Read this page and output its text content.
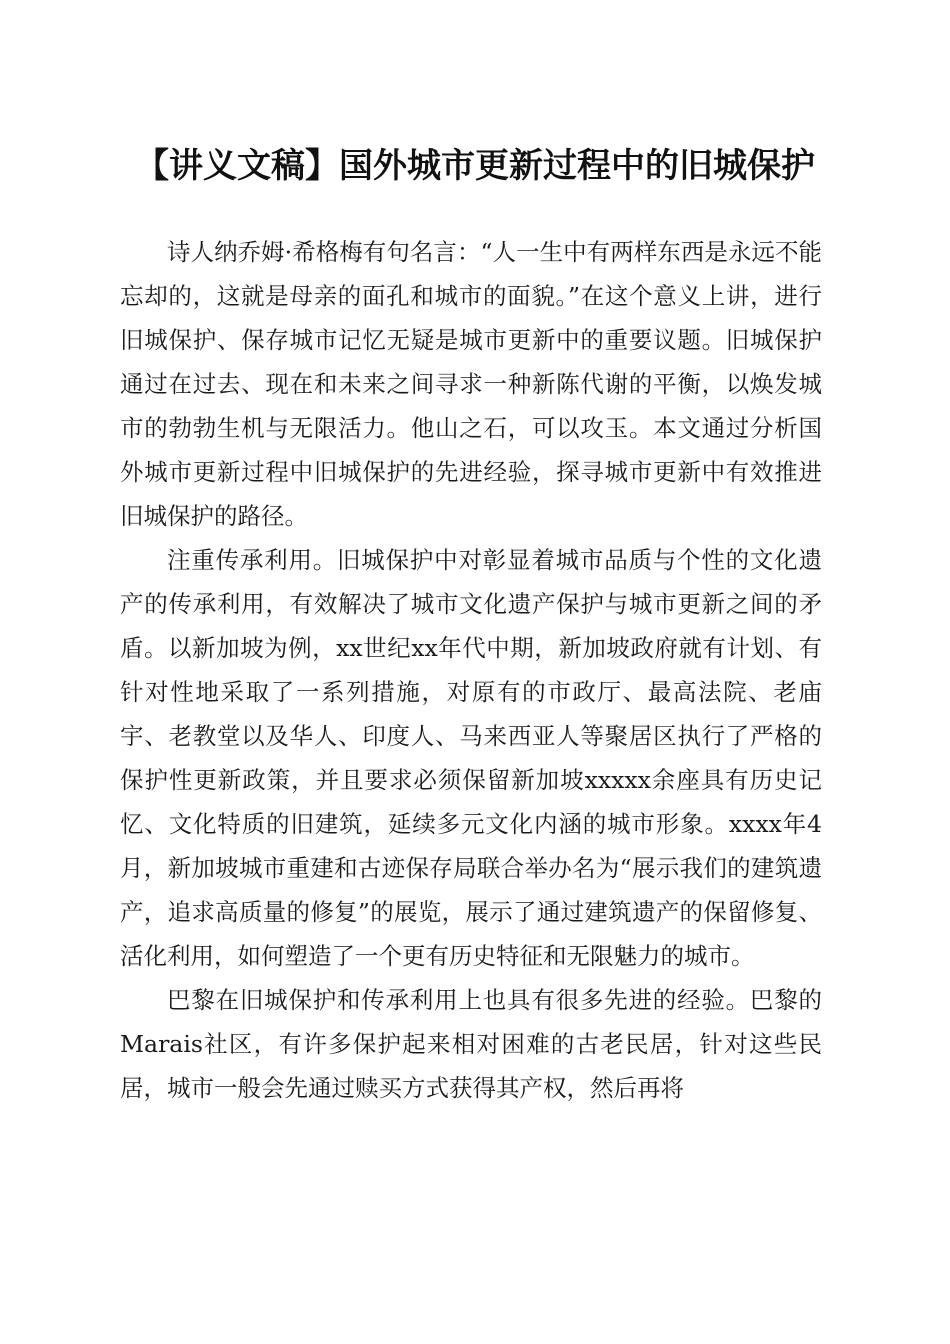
【讲义文稿】国外城市更新过程中的旧城保护

诗人纳乔姆·希格梅有句名言：“人一生中有两样东西是永远不能忘却的，这就是母亲的面孔和城市的面貌。”在这个意义上讲，进行旧城保护、保存城市记忆无疑是城市更新中的重要议题。旧城保护通过在过去、现在和未来之间寻求一种新陈代谢的平衡，以焕发城市的勃勃生机与无限活力。他山之石，可以攻玉。本文通过分析国外城市更新过程中旧城保护的先进经验，探寻城市更新中有效推进旧城保护的路径。

注重传承利用。旧城保护中对彰显着城市品质与个性的文化遗产的传承利用，有效解决了城市文化遗产保护与城市更新之间的矛盾。以新加坡为例，xx世纪xx年代中期，新加坡政府就有计划、有针对性地采取了一系列措施，对原有的市政厅、最高法院、老庙宇、老教堂以及华人、印度人、马来西亚人等聚居区执行了严格的保护性更新政策，并且要求必须保留新加坡xxxxx余座具有历史记忆、文化特质的旧建筑，延续多元文化内涵的城市形象。xxxx年4月，新加坡城市重建和古迹保存局联合举办名为“展示我们的建筑遗产，追求高质量的修复”的展览，展示了通过建筑遗产的保留修复、活化利用，如何塑造了一个更有历史特征和无限魅力的城市。

巴黎在旧城保护和传承利用上也具有很多先进的经验。巴黎的Marais社区，有许多保护起来相对困难的古老民居，针对这些民居，城市一般会先通过赎买方式获得其产权，然后再将
